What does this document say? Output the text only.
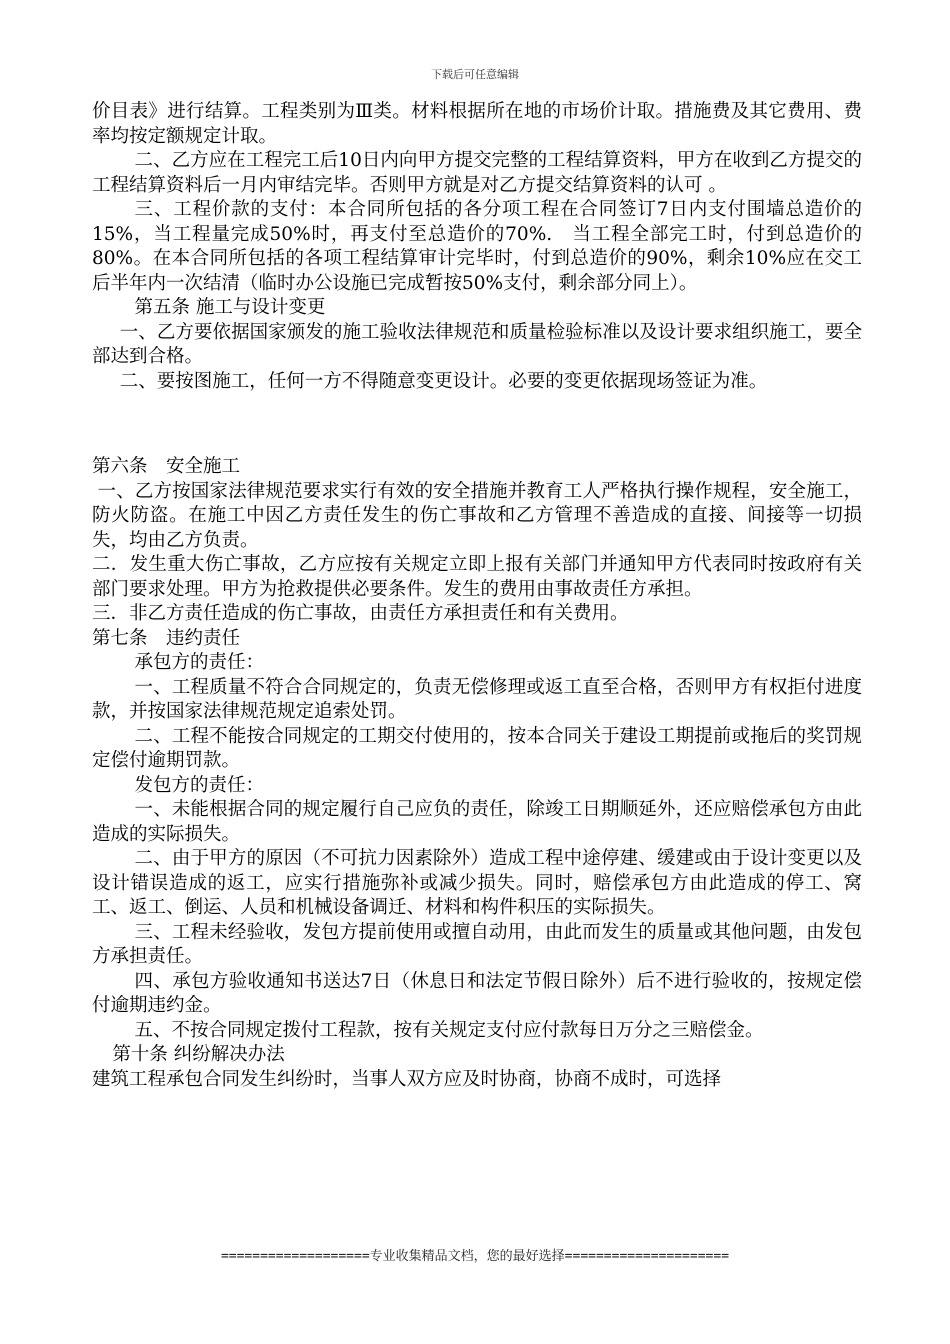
下载后可任意编辑

价目表》进行结算。工程类别为Ⅲ类。材料根据所在地的市场价计取。措施费及其它费用、费率均按定额规定计取。

二、乙方应在工程完工后10日内向甲方提交完整的工程结算资料，甲方在收到乙方提交的工程结算资料后一月内审结完毕。否则甲方就是对乙方提交结算资料的认可 。

三、工程价款的支付：本合同所包括的各分项工程在合同签订7日内支付围墙总造价的15%，当工程量完成50%时，再支付至总造价的70%.　当工程全部完工时，付到总造价的80%。在本合同所包括的各项工程结算审计完毕时，付到总造价的90%，剩余10%应在交工后半年内一次结清（临时办公设施已完成暂按50%支付，剩余部分同上）。

第五条 施工与设计变更

一、乙方要依据国家颁发的施工验收法律规范和质量检验标准以及设计要求组织施工，要全部达到合格。

二、要按图施工，任何一方不得随意变更设计。必要的变更依据现场签证为准。

第六条　安全施工

一、乙方按国家法律规范要求实行有效的安全措施并教育工人严格执行操作规程，安全施工，防火防盗。在施工中因乙方责任发生的伤亡事故和乙方管理不善造成的直接、间接等一切损失，均由乙方负责。

二．发生重大伤亡事故，乙方应按有关规定立即上报有关部门并通知甲方代表同时按政府有关部门要求处理。甲方为抢救提供必要条件。发生的费用由事故责任方承担。

三．非乙方责任造成的伤亡事故，由责任方承担责任和有关费用。

第七条　违约责任

承包方的责任：

一、工程质量不符合合同规定的，负责无偿修理或返工直至合格，否则甲方有权拒付进度款，并按国家法律规范规定追索处罚。

二、工程不能按合同规定的工期交付使用的，按本合同关于建设工期提前或拖后的奖罚规定偿付逾期罚款。

发包方的责任：

一、未能根据合同的规定履行自己应负的责任，除竣工日期顺延外，还应赔偿承包方由此造成的实际损失。

二、由于甲方的原因（不可抗力因素除外）造成工程中途停建、缓建或由于设计变更以及设计错误造成的返工，应实行措施弥补或减少损失。同时，赔偿承包方由此造成的停工、窝工、返工、倒运、人员和机械设备调迁、材料和构件积压的实际损失。

三、工程未经验收，发包方提前使用或擅自动用，由此而发生的质量或其他问题，由发包方承担责任。

四、承包方验收通知书送达7日（休息日和法定节假日除外）后不进行验收的，按规定偿付逾期违约金。

五、不按合同规定拨付工程款，按有关规定支付应付款每日万分之三赔偿金。

第十条 纠纷解决办法

建筑工程承包合同发生纠纷时，当事人双方应及时协商，协商不成时，可选择

===================专业收集精品文档，您的最好选择=====================
